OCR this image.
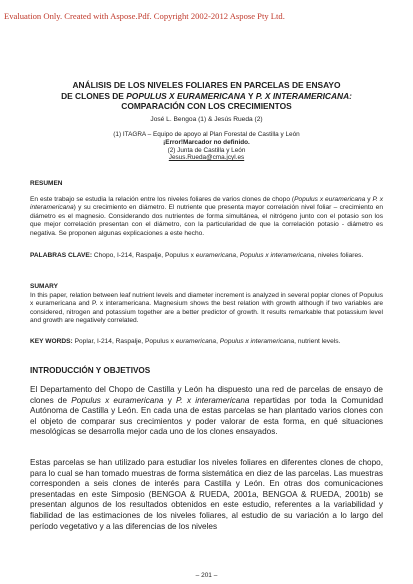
Evaluation Only. Created with Aspose.Pdf. Copyright 2002-2012 Aspose Pty Ltd.
ANÁLISIS DE LOS NIVELES FOLIARES EN PARCELAS DE ENSAYO
DE CLONES DE POPULUS X EURAMERICANA Y P. X INTERAMERICANA:
COMPARACIÓN CON LOS CRECIMIENTOS
José L. Bengoa (1) & Jesús Rueda (2)
(1) ITAGRA – Equipo de apoyo al Plan Forestal de Castilla y León
¡Error!Marcador no definido.
(2) Junta de Castilla y León
Jesus.Rueda@cma.jcyl.es
RESUMEN
En este trabajo se estudia la relación entre los niveles foliares de varios clones de chopo (Populus x euramericana y P. x interamericana) y su crecimiento en diámetro. El nutriente que presenta mayor correlación nivel foliar – crecimiento en diámetro es el magnesio. Considerando dos nutrientes de forma simultánea, el nitrógeno junto con el potasio son los que mejor correlación presentan con el diámetro, con la particularidad de que la correlación potasio - diámetro es negativa. Se proponen algunas explicaciones a este hecho.
PALABRAS CLAVE: Chopo, I-214, Raspalje, Populus x euramericana, Populus x interamericana, niveles foliares.
SUMARY
In this paper, relation between leaf nutrient levels and diameter increment is analyzed in several poplar clones of Populus x euramericana and P. x interamericana. Magnesium shows the best relation with growth although if two variables are considered, nitrogen and potassium together are a better predictor of growth. It results remarkable that potassium level and growth are negatively correlated.
KEY WORDS: Poplar, I-214, Raspalje, Populus x euramericana, Populus x interamericana, nutrient levels.
INTRODUCCIÓN Y OBJETIVOS
El Departamento del Chopo de Castilla y León ha dispuesto una red de parcelas de ensayo de clones de Populus x euramericana y P. x interamericana repartidas por toda la Comunidad Autónoma de Castilla y León. En cada una de estas parcelas se han plantado varios clones con el objeto de comparar sus crecimientos y poder valorar de esta forma, en qué situaciones mesológicas se desarrolla mejor cada uno de los clones ensayados.
Estas parcelas se han utilizado para estudiar los niveles foliares en diferentes clones de chopo, para lo cual se han tomado muestras de forma sistemática en diez de las parcelas. Las muestras corresponden a seis clones de interés para Castilla y León. En otras dos comunicaciones presentadas en este Simposio (BENGOA & RUEDA, 2001a, BENGOA & RUEDA, 2001b) se presentan algunos de los resultados obtenidos en este estudio, referentes a la variabilidad y fiabilidad de las estimaciones de los niveles foliares, al estudio de su variación a lo largo del período vegetativo y a las diferencias de los niveles
– 201 –
